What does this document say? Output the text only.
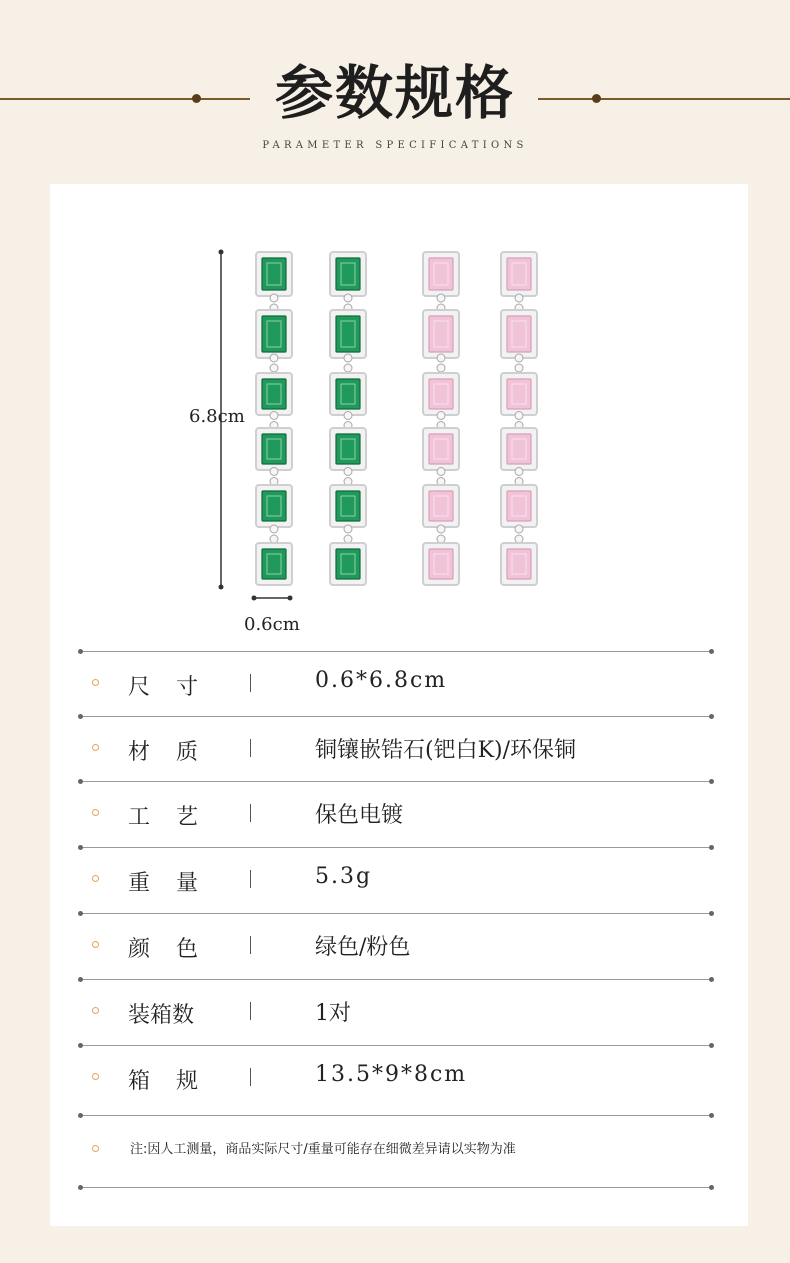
参数规格
PARAMETER SPECIFICATIONS
6.8cm
0.6cm
尺寸	0.6*6.8cm
材质	铜镶嵌锆石(钯白K)/环保铜
工艺	保色电镀
重量	5.3g
颜色	绿色/粉色
装箱数	1对
箱规	13.5*9*8cm
注:因人工测量，商品实际尺寸/重量可能存在细微差异请以实物为准
